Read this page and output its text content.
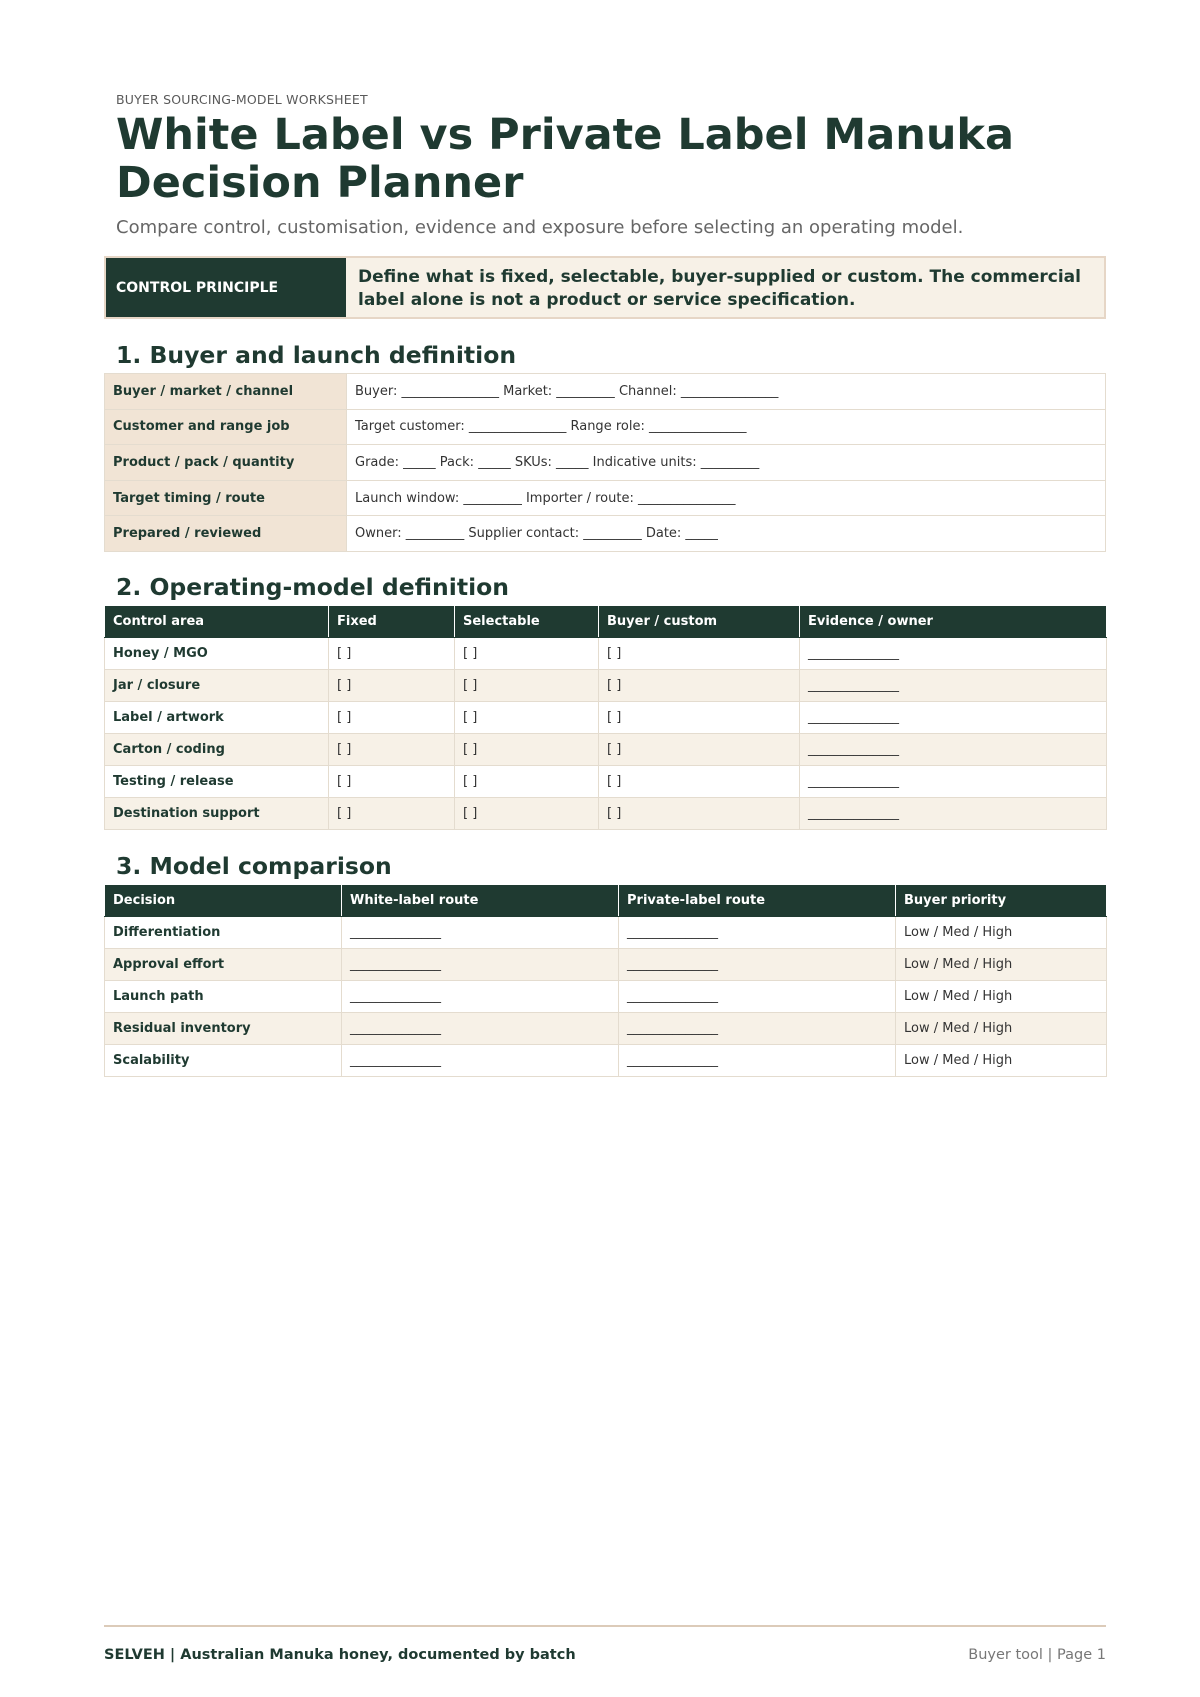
BUYER SOURCING-MODEL WORKSHEET
White Label vs Private Label Manuka
Decision Planner
Compare control, customisation, evidence and exposure before selecting an operating model.
CONTROL PRINCIPLE
Define what is fixed, selectable, buyer-supplied or custom. The commercial label alone is not a product or service specification.
1. Buyer and launch definition
Buyer / market / channel	Buyer: _______________ Market: _________ Channel: _______________
Customer and range job	Target customer: _______________ Range role: _______________
Product / pack / quantity	Grade: _____ Pack: _____ SKUs: _____ Indicative units: _________
Target timing / route	Launch window: _________ Importer / route: _______________
Prepared / reviewed	Owner: _________ Supplier contact: _________ Date: _____
2. Operating-model definition
Control area	Fixed	Selectable	Buyer / custom	Evidence / owner
Honey / MGO	[ ]	[ ]	[ ]	______________
Jar / closure	[ ]	[ ]	[ ]	______________
Label / artwork	[ ]	[ ]	[ ]	______________
Carton / coding	[ ]	[ ]	[ ]	______________
Testing / release	[ ]	[ ]	[ ]	______________
Destination support	[ ]	[ ]	[ ]	______________
3. Model comparison
Decision	White-label route	Private-label route	Buyer priority
Differentiation	______________	______________	Low / Med / High
Approval effort	______________	______________	Low / Med / High
Launch path	______________	______________	Low / Med / High
Residual inventory	______________	______________	Low / Med / High
Scalability	______________	______________	Low / Med / High
SELVEH | Australian Manuka honey, documented by batch	Buyer tool | Page 1
